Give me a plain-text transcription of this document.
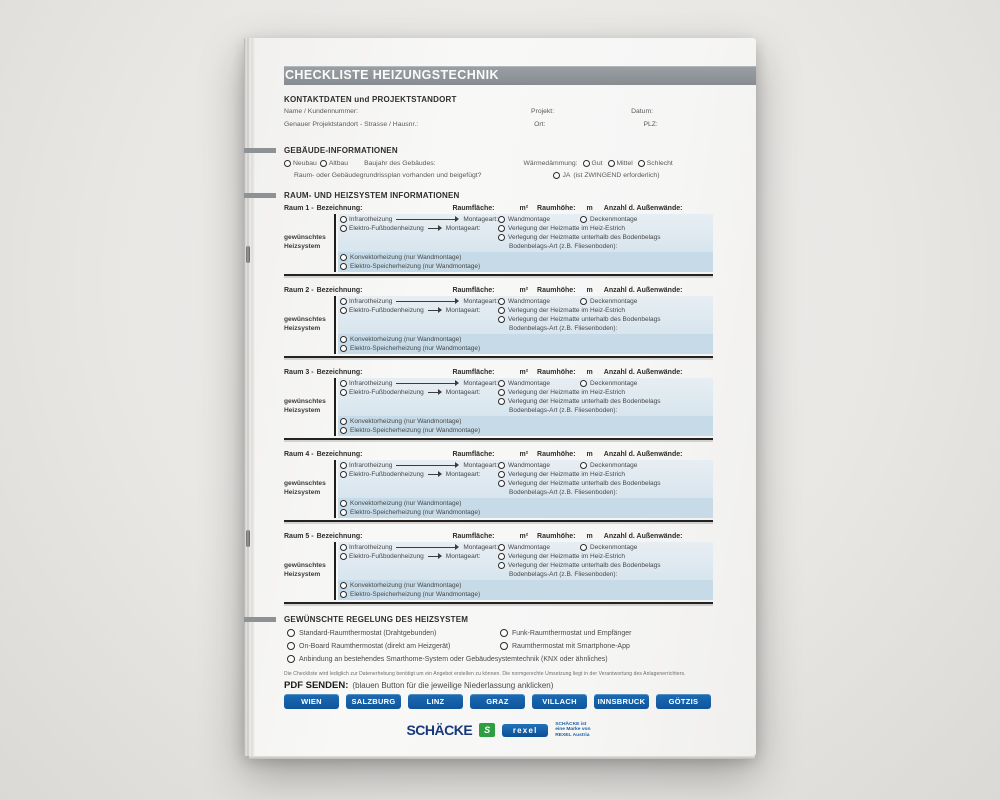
CHECKLISTE HEIZUNGSTECHNIK
KONTAKTDATEN und PROJEKTSTANDORT
Name / Kundennummer:	Projekt:	Datum:
Genauer Projektstandort - Strasse / Hausnr.:	Ort:	PLZ:
GEBÄUDE-INFORMATIONEN
Neubau Altbau Baujahr des Gebäudes:	Wärmedämmung: Gut Mittel Schlecht
Raum- oder Gebäudegrundrissplan vorhanden und beigefügt?	JA (ist ZWINGEND erforderlich)
RAUM- UND HEIZSYSTEM INFORMATIONEN
Raum 1 - Bezeichnung:	Raumfläche:	m² Raumhöhe: m Anzahl d. Außenwände:
gewünschtes
Heizsystem
Infrarotheizung	Montageart: Wandmontage	Deckenmontage
Elektro-Fußbodenheizung	Montageart:	Verlegung der Heizmatte im Heiz-Estrich
Verlegung der Heizmatte unterhalb des Bodenbelags
Bodenbelags-Art (z.B. Fliesenboden):
Konvektorheizung (nur Wandmontage)
Elektro-Speicherheizung (nur Wandmontage)
Raum 2 - Bezeichnung:	Raumfläche:	m² Raumhöhe: m Anzahl d. Außenwände:
gewünschtes
Heizsystem
Infrarotheizung	Montageart: Wandmontage	Deckenmontage
Elektro-Fußbodenheizung	Montageart:	Verlegung der Heizmatte im Heiz-Estrich
Verlegung der Heizmatte unterhalb des Bodenbelags
Bodenbelags-Art (z.B. Fliesenboden):
Konvektorheizung (nur Wandmontage)
Elektro-Speicherheizung (nur Wandmontage)
Raum 3 - Bezeichnung:	Raumfläche:	m² Raumhöhe: m Anzahl d. Außenwände:
gewünschtes
Heizsystem
Infrarotheizung	Montageart: Wandmontage	Deckenmontage
Elektro-Fußbodenheizung	Montageart:	Verlegung der Heizmatte im Heiz-Estrich
Verlegung der Heizmatte unterhalb des Bodenbelags
Bodenbelags-Art (z.B. Fliesenboden):
Konvektorheizung (nur Wandmontage)
Elektro-Speicherheizung (nur Wandmontage)
Raum 4 - Bezeichnung:	Raumfläche:	m² Raumhöhe: m Anzahl d. Außenwände:
gewünschtes
Heizsystem
Infrarotheizung	Montageart: Wandmontage	Deckenmontage
Elektro-Fußbodenheizung	Montageart:	Verlegung der Heizmatte im Heiz-Estrich
Verlegung der Heizmatte unterhalb des Bodenbelags
Bodenbelags-Art (z.B. Fliesenboden):
Konvektorheizung (nur Wandmontage)
Elektro-Speicherheizung (nur Wandmontage)
Raum 5 - Bezeichnung:	Raumfläche:	m² Raumhöhe: m Anzahl d. Außenwände:
gewünschtes
Heizsystem
Infrarotheizung	Montageart: Wandmontage	Deckenmontage
Elektro-Fußbodenheizung	Montageart:	Verlegung der Heizmatte im Heiz-Estrich
Verlegung der Heizmatte unterhalb des Bodenbelags
Bodenbelags-Art (z.B. Fliesenboden):
Konvektorheizung (nur Wandmontage)
Elektro-Speicherheizung (nur Wandmontage)
GEWÜNSCHTE REGELUNG DES HEIZSYSTEM
Standard-Raumthermostat (Drahtgebunden)	Funk-Raumthermostat und Empfänger
On-Board Raumthermostat (direkt am Heizgerät)	Raumthermostat mit Smartphone-App
Anbindung an bestehendes Smarthome-System oder Gebäudesystemtechnik (KNX oder ähnliches)
Die Checkliste wird lediglich zur Datenerhebung benötigt um ein Angebot erstellen zu können. Die normgerechte Umsetzung liegt in der Verantwortung des Anlagenerrichters.
PDF SENDEN: (blauen Button für die jeweilige Niederlassung anklicken)
WIEN	SALZBURG	LINZ	GRAZ	VILLACH	INNSBRUCK	GÖTZIS
SCHÄCKE	S	rexel
SCHÄCKE ist
eine Marke von
REXEL Austria
